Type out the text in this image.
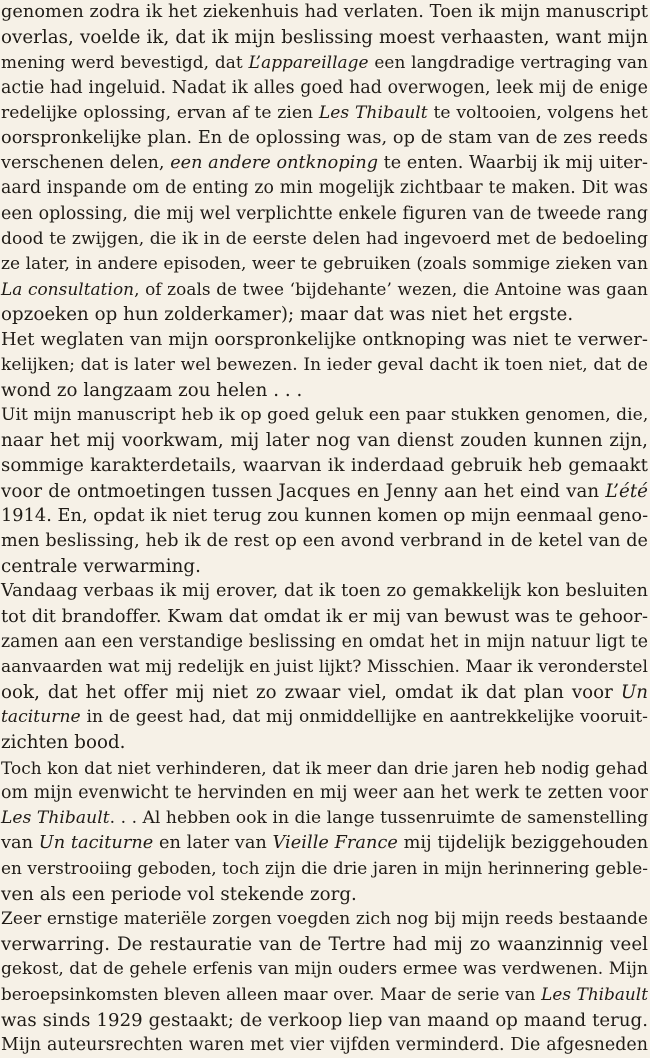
genomen zodra ik het ziekenhuis had verlaten. Toen ik mijn manuscript
overlas, voelde ik, dat ik mijn beslissing moest verhaasten, want mijn
mening werd bevestigd, dat L’appareillage een langdradige vertraging van
actie had ingeluid. Nadat ik alles goed had overwogen, leek mij de enige
redelijke oplossing, ervan af te zien Les Thibault te voltooien, volgens het
oorspronkelijke plan. En de oplossing was, op de stam van de zes reeds
verschenen delen, een andere ontknoping te enten. Waarbij ik mij uiter-
aard inspande om de enting zo min mogelijk zichtbaar te maken. Dit was
een oplossing, die mij wel verplichtte enkele figuren van de tweede rang
dood te zwijgen, die ik in de eerste delen had ingevoerd met de bedoeling
ze later, in andere episoden, weer te gebruiken (zoals sommige zieken van
La consultation, of zoals de twee ‘bijdehante’ wezen, die Antoine was gaan
opzoeken op hun zolderkamer); maar dat was niet het ergste.
Het weglaten van mijn oorspronkelijke ontknoping was niet te verwer-
kelijken; dat is later wel bewezen. In ieder geval dacht ik toen niet, dat de
wond zo langzaam zou helen . . .
Uit mijn manuscript heb ik op goed geluk een paar stukken genomen, die,
naar het mij voorkwam, mij later nog van dienst zouden kunnen zijn,
sommige karakterdetails, waarvan ik inderdaad gebruik heb gemaakt
voor de ontmoetingen tussen Jacques en Jenny aan het eind van L’été
1914. En, opdat ik niet terug zou kunnen komen op mijn eenmaal geno-
men beslissing, heb ik de rest op een avond verbrand in de ketel van de
centrale verwarming.
Vandaag verbaas ik mij erover, dat ik toen zo gemakkelijk kon besluiten
tot dit brandoffer. Kwam dat omdat ik er mij van bewust was te gehoor-
zamen aan een verstandige beslissing en omdat het in mijn natuur ligt te
aanvaarden wat mij redelijk en juist lijkt? Misschien. Maar ik veronderstel
ook, dat het offer mij niet zo zwaar viel, omdat ik dat plan voor Un
taciturne in de geest had, dat mij onmiddellijke en aantrekkelijke vooruit-
zichten bood.
Toch kon dat niet verhinderen, dat ik meer dan drie jaren heb nodig gehad
om mijn evenwicht te hervinden en mij weer aan het werk te zetten voor
Les Thibault. . . Al hebben ook in die lange tussenruimte de samenstelling
van Un taciturne en later van Vieille France mij tijdelijk beziggehouden
en verstrooiing geboden, toch zijn die drie jaren in mijn herinnering geble-
ven als een periode vol stekende zorg.
Zeer ernstige materiële zorgen voegden zich nog bij mijn reeds bestaande
verwarring. De restauratie van de Tertre had mij zo waanzinnig veel
gekost, dat de gehele erfenis van mijn ouders ermee was verdwenen. Mijn
beroepsinkomsten bleven alleen maar over. Maar de serie van Les Thibault
was sinds 1929 gestaakt; de verkoop liep van maand op maand terug.
Mijn auteursrechten waren met vier vijfden verminderd. Die afgesneden
